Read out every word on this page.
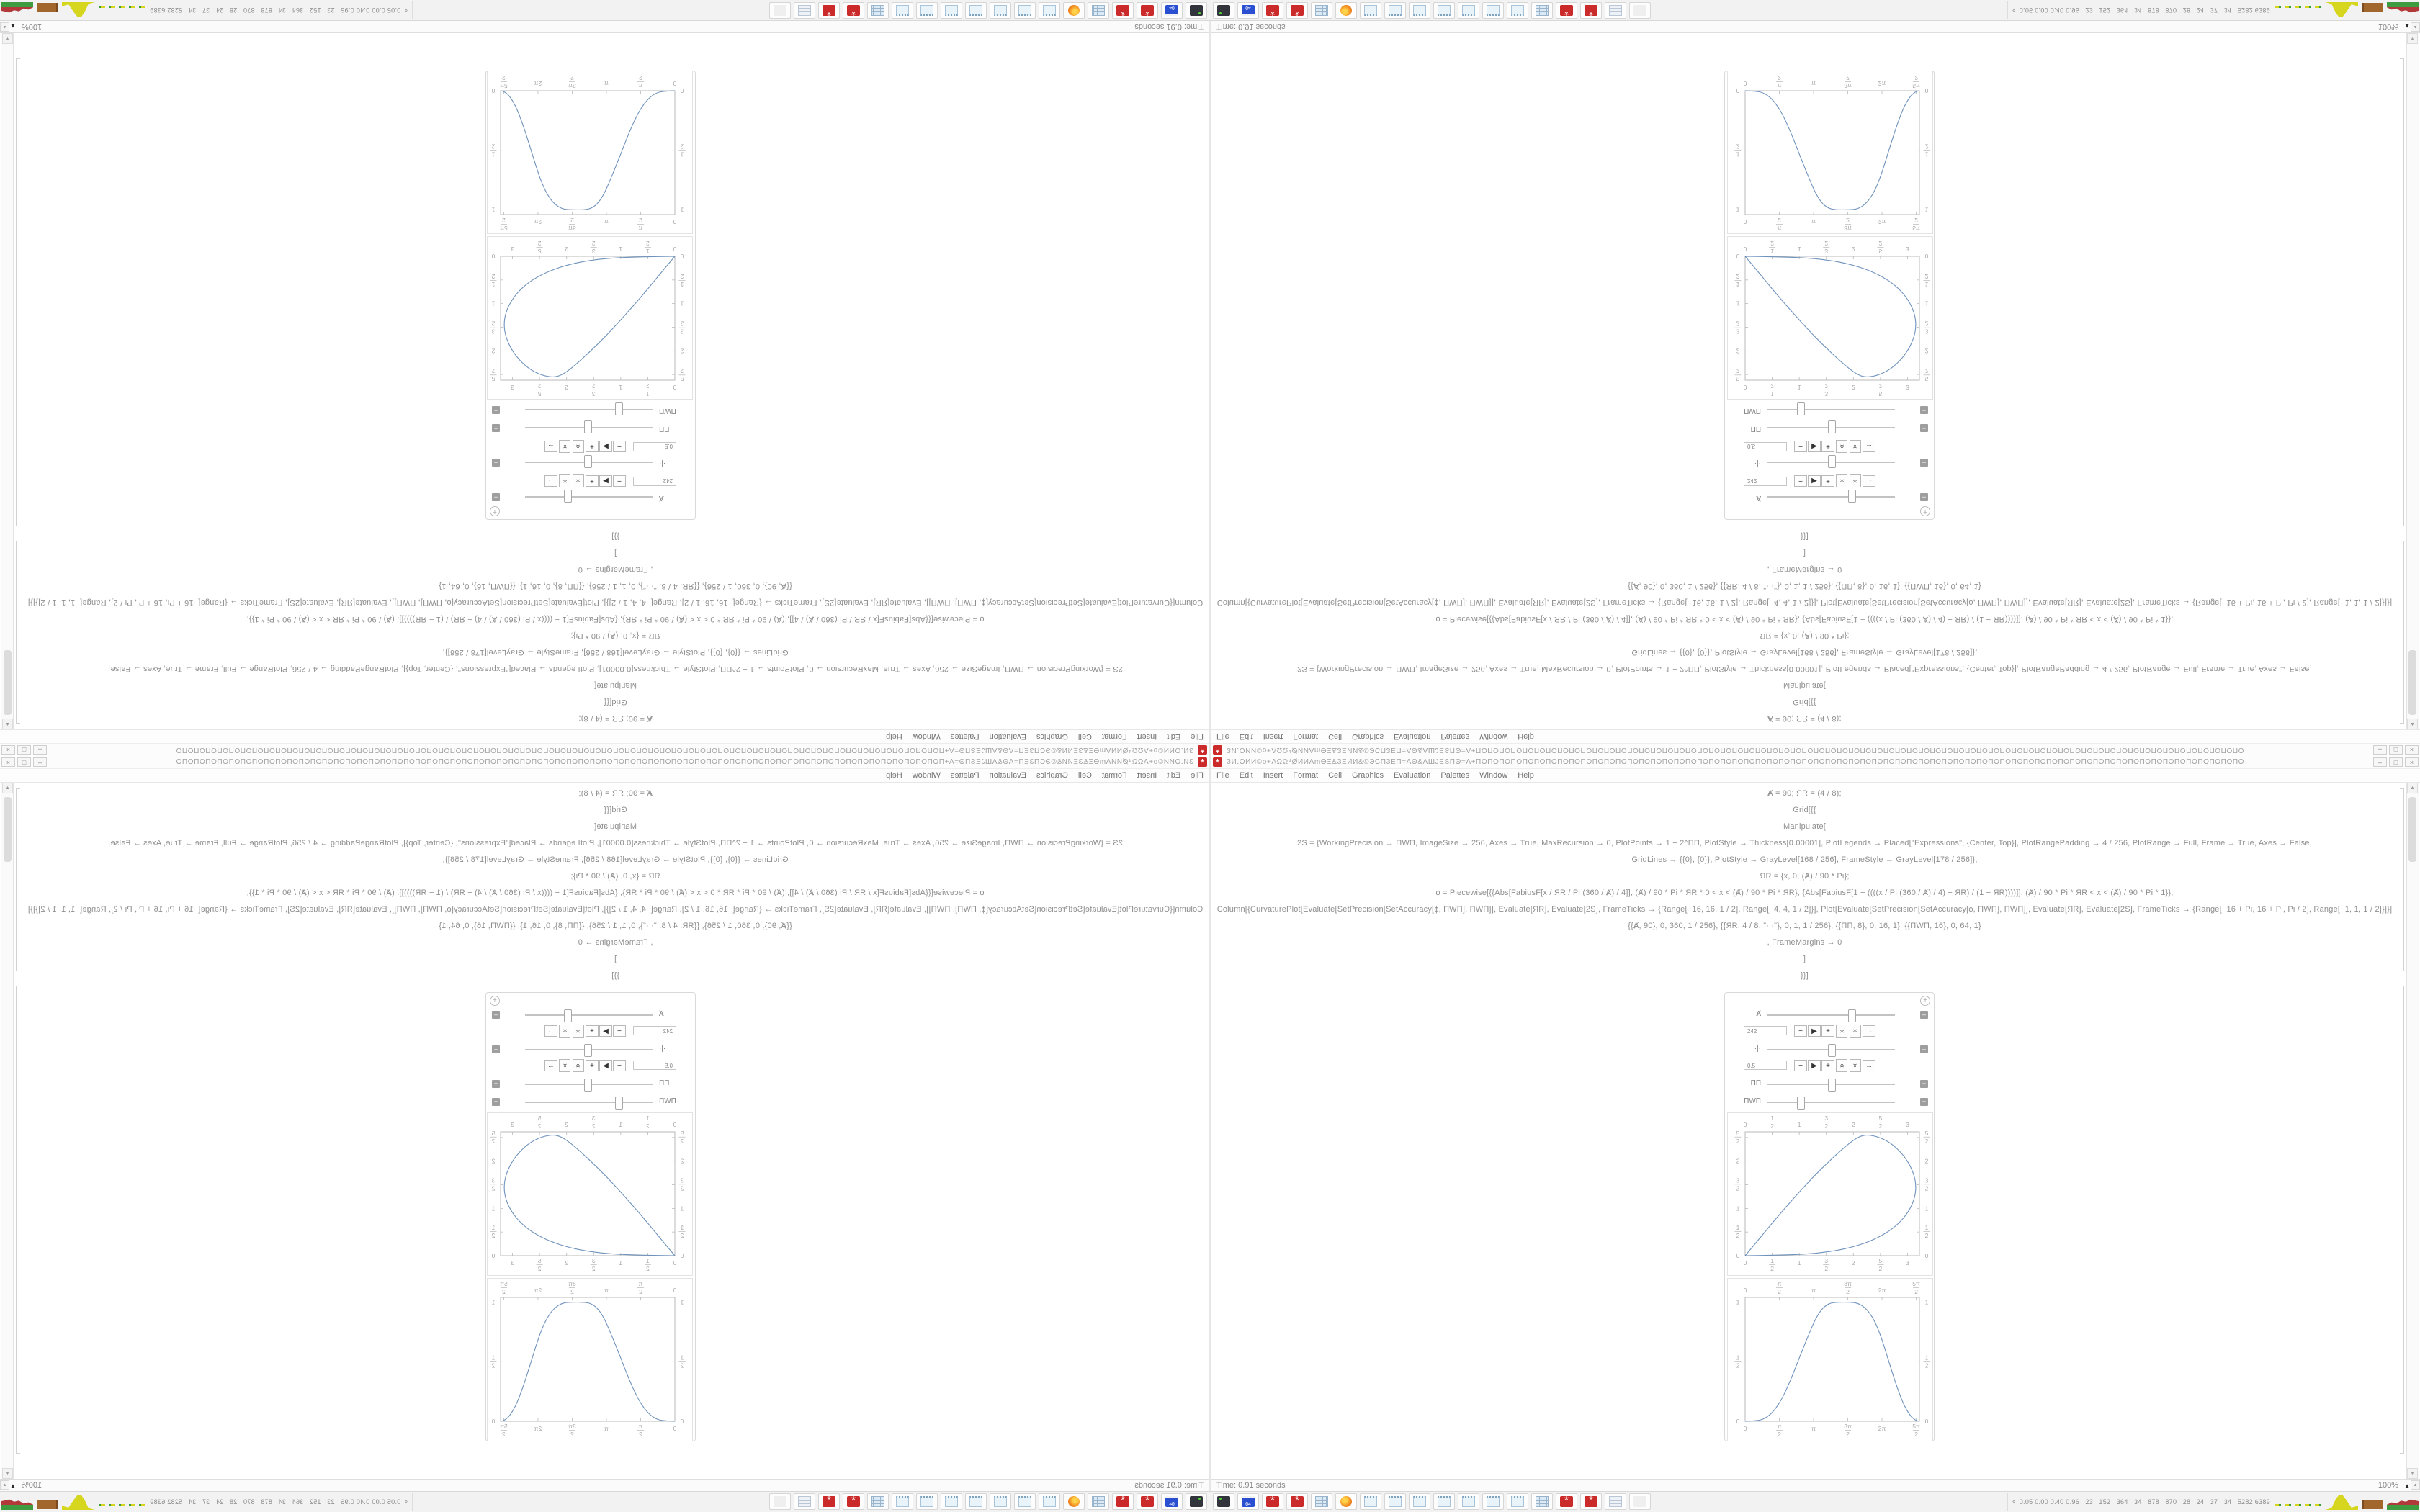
*
ЗИ.ОИИ©о+АΩΩ⁴ØИИАmΘΞ&ЗΞИИ&©ЭСПЗЕП=АΘ&АШЈЕЅПΘ=А+ПОПОПОПОПОПОПОПОПОПОПОПОПОПОПОПОПОПОПОПОПОПОПОПОПОПОПОПОПОПОПОПОПОПОПОПОПОПОПОПОПОПОПОПОПОПОПОПОПОПОПОПОПОПОПОПОПОПОПОПОПОПОПОПОПОПО
–
□
×
File
Edit
Insert
Format
Cell
Graphics
Evaluation
Palettes
Window
Help
Ⱥ = 90; ЯR = (4 / 8);
Grid[{{
Manipulate[
2S = {WorkingPrecision → ПWП, ImageSize → 256, Axes → True, MaxRecursion → 0, PlotPoints → 1 + 2^ПП, PlotStyle → Thickness[0.00001], PlotLegends → Placed["Expressions", {Center, Top}], PlotRangePadding → 4 / 256, PlotRange → Full, Frame → True, Axes → False,
GridLines → {{0}, {0}}, PlotStyle → GrayLevel[168 / 256], FrameStyle → GrayLevel[178 / 256]};
ЯR = {x, 0, (Ⱥ) / 90 * Pi};
ɸ = Piecewise[{{Abs[FabiusF[x / ЯR / Pi (360 / Ⱥ) / 4]], (Ⱥ) / 90 * Pi * ЯR * 0 < x < (Ⱥ) / 90 * Pi * ЯR}, {Abs[FabiusF[1 − ((((x / Pi (360 / Ⱥ) / 4) − ЯR) / (1 − ЯR))))]], (Ⱥ) / 90 * Pi * ЯR < x < (Ⱥ) / 90 * Pi * 1}};
Column[{CurvaturePlot[Evaluate[SetPrecision[SetAccuracy[ɸ, ПWП], ПWП]], Evaluate[ЯR], Evaluate[2S], FrameTicks → {Range[−16, 16, 1 / 2], Range[−4, 4, 1 / 2]}], Plot[Evaluate[SetPrecision[SetAccuracy[ɸ, ПWП], ПWП]], Evaluate[ЯR], Evaluate[2S], FrameTicks → {Range[−16 + Pi, 16 + Pi, Pi / 2], Range[−1, 1, 1 / 2]}]}]
{{Ⱥ, 90}, 0, 360, 1 / 256}, {{ЯR, 4 / 8, "·|·"}, 0, 1, 1 / 256}, {{ПП, 8}, 0, 16, 1}, {{ПWП, 16}, 0, 64, 1}
, FrameMargins → 0
]
}}]
+
Ⱥ
–
242
−
▶
+
»
»
→
·|·
–
0.5
−
▶
+
»
»
→
ПП
+
ПWП
+
0
0
1
2
1
2
1
1
3
2
3
2
2
2
5
2
5
2
3
3
0
0
1
2
1
2
1
1
3
2
3
2
2
2
5
2
5
2
0
0
π
2
π
2
π
π
3π
2
3π
2
2π
2π
5π
2
5π
2
0
0
1
2
1
2
1
1
▲
▼
Time: 0.91 seconds
100%
▲
▲
64
*
*
*
*
»
0.05 0.00 0.40 0.96   23   152   364   34   878   870   28   24   37   34   5282 6389
*
ЗИ.ОИИ©о+АΩΩ⁴ØИИАmΘΞ&ЗΞИИ&©ЭСПЗЕП=АΘ&АШЈЕЅПΘ=А+ПОПОПОПОПОПОПОПОПОПОПОПОПОПОПОПОПОПОПОПОПОПОПОПОПОПОПОПОПОПОПОПОПОПОПОПОПОПОПОПОПОПОПОПОПОПОПОПОПОПОПОПОПОПОПОПОПОПОПОПОПОПОПОПОПОПО	–	□	×
File Edit Insert Format Cell Graphics Evaluation Palettes Window Help
Ⱥ = 90; ЯR = (4 / 8);
Grid[{{
Manipulate[
2S = {WorkingPrecision → ПWП, ImageSize → 256, Axes → True, MaxRecursion → 0, PlotPoints → 1 + 2^ПП, PlotStyle → Thickness[0.00001], PlotLegends → Placed["Expressions", {Center, Top}], PlotRangePadding → 4 / 256, PlotRange → Full, Frame → True, Axes → False,
GridLines → {{0}, {0}}, PlotStyle → GrayLevel[168 / 256], FrameStyle → GrayLevel[178 / 256]};
ЯR = {x, 0, (Ⱥ) / 90 * Pi};
ɸ = Piecewise[{{Abs[FabiusF[x / ЯR / Pi (360 / Ⱥ) / 4]], (Ⱥ) / 90 * Pi * ЯR * 0 < x < (Ⱥ) / 90 * Pi * ЯR}, {Abs[FabiusF[1 − ((((x / Pi (360 / Ⱥ) / 4) − ЯR) / (1 − ЯR))))]], (Ⱥ) / 90 * Pi * ЯR < x < (Ⱥ) / 90 * Pi * 1}};
Column[{CurvaturePlot[Evaluate[SetPrecision[SetAccuracy[ɸ, ПWП], ПWП]], Evaluate[ЯR], Evaluate[2S], FrameTicks → {Range[−16, 16, 1 / 2], Range[−4, 4, 1 / 2]}], Plot[Evaluate[SetPrecision[SetAccuracy[ɸ, ПWП], ПWП]], Evaluate[ЯR], Evaluate[2S], FrameTicks → {Range[−16 + Pi, 16 + Pi, Pi / 2], Range[−1, 1, 1 / 2]}]}]
{{Ⱥ, 90}, 0, 360, 1 / 256}, {{ЯR, 4 / 8, "·|·"}, 0, 1, 1 / 256}, {{ПП, 8}, 0, 16, 1}, {{ПWП, 16}, 0, 64, 1}
, FrameMargins → 0
]
}}]
+
Ⱥ	–
242	−	▶	+	» » →
·|·	–
0.5	−	▶	+	» » →
ПП	+
ПWП	+
0
0
1
2
1
2
1
1
3
2
3
2
2
2
5
2
5
2
3
3
0	0
1
2
1
2
1	1
3
2
3
2
2	2
5
2
5
2
0
0
π
2
π
2
π
π
3π
2
3π
2
2π
2π
5π
2
5π
2
0	0
1
2
1
2
1	1
▲
▼
Time: 0.91 seconds	100% ▲ ▲
64
*
*
*
*
» 0.05 0.00 0.40 0.96   23   152   364   34   878   870   28   24   37   34   5282 6389
*
ЗИ.ОИИ©о+АΩΩ⁴ØИИАmΘΞ&ЗΞИИ&©ЭСПЗЕП=АΘ&АШЈЕЅПΘ=А+ПОПОПОПОПОПОПОПОПОПОПОПОПОПОПОПОПОПОПОПОПОПОПОПОПОПОПОПОПОПОПОПОПОПОПОПОПОПОПОПОПОПОПОПОПОПОПОПОПОПОПОПОПОПОПОПОПОПОПОПОПОПОПОПОПОПО
–
□
×
File
Edit
Insert
Format
Cell
Graphics
Evaluation
Palettes
Window
Help
Ⱥ = 90; ЯR = (4 / 8);
Grid[{{
Manipulate[
2S = {WorkingPrecision → ПWП, ImageSize → 256, Axes → True, MaxRecursion → 0, PlotPoints → 1 + 2^ПП, PlotStyle → Thickness[0.00001], PlotLegends → Placed["Expressions", {Center, Top}], PlotRangePadding → 4 / 256, PlotRange → Full, Frame → True, Axes → False,
GridLines → {{0}, {0}}, PlotStyle → GrayLevel[168 / 256], FrameStyle → GrayLevel[178 / 256]};
ЯR = {x, 0, (Ⱥ) / 90 * Pi};
ɸ = Piecewise[{{Abs[FabiusF[x / ЯR / Pi (360 / Ⱥ) / 4]], (Ⱥ) / 90 * Pi * ЯR * 0 < x < (Ⱥ) / 90 * Pi * ЯR}, {Abs[FabiusF[1 − ((((x / Pi (360 / Ⱥ) / 4) − ЯR) / (1 − ЯR))))]], (Ⱥ) / 90 * Pi * ЯR < x < (Ⱥ) / 90 * Pi * 1}};
Column[{CurvaturePlot[Evaluate[SetPrecision[SetAccuracy[ɸ, ПWП], ПWП]], Evaluate[ЯR], Evaluate[2S], FrameTicks → {Range[−16, 16, 1 / 2], Range[−4, 4, 1 / 2]}], Plot[Evaluate[SetPrecision[SetAccuracy[ɸ, ПWП], ПWП]], Evaluate[ЯR], Evaluate[2S], FrameTicks → {Range[−16 + Pi, 16 + Pi, Pi / 2], Range[−1, 1, 1 / 2]}]}]
{{Ⱥ, 90}, 0, 360, 1 / 256}, {{ЯR, 4 / 8, "·|·"}, 0, 1, 1 / 256}, {{ПП, 8}, 0, 16, 1}, {{ПWП, 16}, 0, 64, 1}
, FrameMargins → 0
]
}}]
+
Ⱥ
–
242
−
▶
+
»
»
→
·|·
–
0.5
−
▶
+
»
»
→
ПП
+
ПWП
+
0
0
1
2
1
2
1
1
3
2
3
2
2
2
5
2
5
2
3
3
0
0
1
2
1
2
1
1
3
2
3
2
2
2
5
2
5
2
0
0
π
2
π
2
π
π
3π
2
3π
2
2π
2π
5π
2
5π
2
0
0
1
2
1
2
1
1
▲
▼
Time: 0.91 seconds
100%
▲
▲
64
*
*
*
*
»
0.05 0.00 0.40 0.96   23   152   364   34   878   870   28   24   37   34   5282 6389
*
ЗИ.ОИИ©о+АΩΩ⁴ØИИАmΘΞ&ЗΞИИ&©ЭСПЗЕП=АΘ&АШЈЕЅПΘ=А+ПОПОПОПОПОПОПОПОПОПОПОПОПОПОПОПОПОПОПОПОПОПОПОПОПОПОПОПОПОПОПОПОПОПОПОПОПОПОПОПОПОПОПОПОПОПОПОПОПОПОПОПОПОПОПОПОПОПОПОПОПОПОПОПОПОПО	–	□	×
File Edit Insert Format Cell Graphics Evaluation Palettes Window Help
Ⱥ = 90; ЯR = (4 / 8);
Grid[{{
Manipulate[
2S = {WorkingPrecision → ПWП, ImageSize → 256, Axes → True, MaxRecursion → 0, PlotPoints → 1 + 2^ПП, PlotStyle → Thickness[0.00001], PlotLegends → Placed["Expressions", {Center, Top}], PlotRangePadding → 4 / 256, PlotRange → Full, Frame → True, Axes → False,
GridLines → {{0}, {0}}, PlotStyle → GrayLevel[168 / 256], FrameStyle → GrayLevel[178 / 256]};
ЯR = {x, 0, (Ⱥ) / 90 * Pi};
ɸ = Piecewise[{{Abs[FabiusF[x / ЯR / Pi (360 / Ⱥ) / 4]], (Ⱥ) / 90 * Pi * ЯR * 0 < x < (Ⱥ) / 90 * Pi * ЯR}, {Abs[FabiusF[1 − ((((x / Pi (360 / Ⱥ) / 4) − ЯR) / (1 − ЯR))))]], (Ⱥ) / 90 * Pi * ЯR < x < (Ⱥ) / 90 * Pi * 1}};
Column[{CurvaturePlot[Evaluate[SetPrecision[SetAccuracy[ɸ, ПWП], ПWП]], Evaluate[ЯR], Evaluate[2S], FrameTicks → {Range[−16, 16, 1 / 2], Range[−4, 4, 1 / 2]}], Plot[Evaluate[SetPrecision[SetAccuracy[ɸ, ПWП], ПWП]], Evaluate[ЯR], Evaluate[2S], FrameTicks → {Range[−16 + Pi, 16 + Pi, Pi / 2], Range[−1, 1, 1 / 2]}]}]
{{Ⱥ, 90}, 0, 360, 1 / 256}, {{ЯR, 4 / 8, "·|·"}, 0, 1, 1 / 256}, {{ПП, 8}, 0, 16, 1}, {{ПWП, 16}, 0, 64, 1}
, FrameMargins → 0
]
}}]
+
Ⱥ	–
242	−	▶	+	» » →
·|·	–
0.5	−	▶	+	» » →
ПП	+
ПWП	+
0
0
1
2
1
2
1
1
3
2
3
2
2
2
5
2
5
2
3
3
0	0
1
2
1
2
1	1
3
2
3
2
2	2
5
2
5
2
0
0
π
2
π
2
π
π
3π
2
3π
2
2π
2π
5π
2
5π
2
0	0
1
2
1
2
1	1
▲
▼
Time: 0.91 seconds	100% ▲ ▲
64
*
*
*
*
» 0.05 0.00 0.40 0.96   23   152   364   34   878   870   28   24   37   34   5282 6389
